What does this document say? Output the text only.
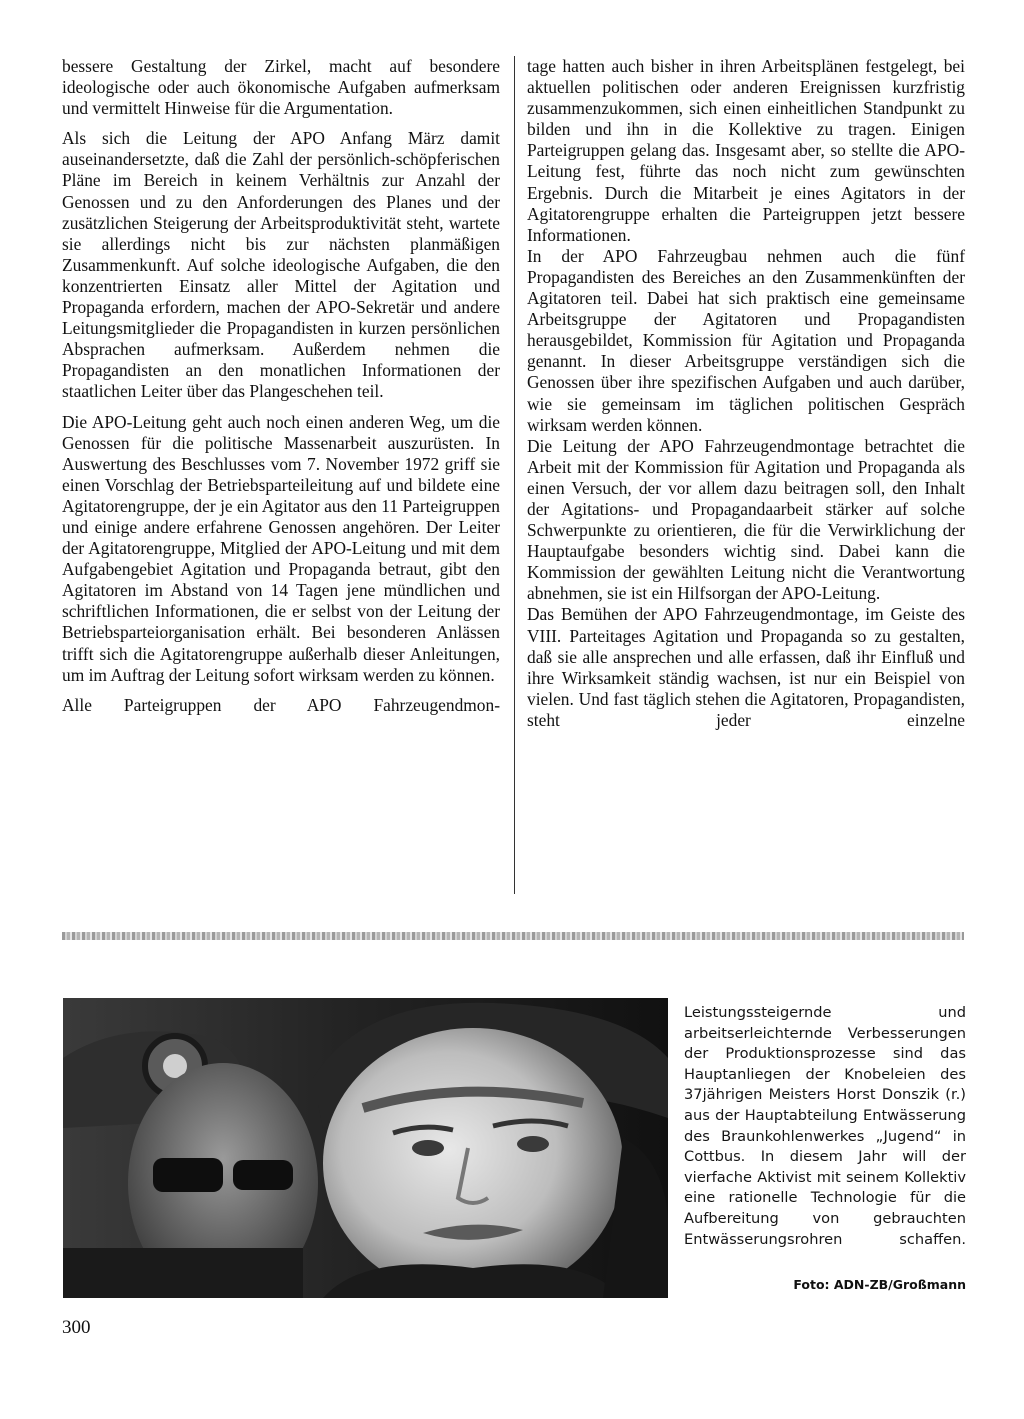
bessere Gestaltung der Zirkel, macht auf besondere ideologische oder auch ökonomische Aufgaben aufmerksam und vermittelt Hinweise für die Argumentation.

Als sich die Leitung der APO Anfang März damit auseinandersetzte, daß die Zahl der persönlich-schöpferischen Pläne im Bereich in keinem Verhältnis zur Anzahl der Genossen und zu den Anforderungen des Planes und der zusätzlichen Steigerung der Arbeitsproduktivität steht, wartete sie allerdings nicht bis zur nächsten planmäßigen Zusammenkunft. Auf solche ideologische Aufgaben, die den konzentrierten Einsatz aller Mittel der Agitation und Propaganda erfordern, machen der APO-Sekretär und andere Leitungsmitglieder die Propagandisten in kurzen persönlichen Absprachen aufmerksam. Außerdem nehmen die Propagandisten an den monatlichen Informationen der staatlichen Leiter über das Plangeschehen teil.

Die APO-Leitung geht auch noch einen anderen Weg, um die Genossen für die politische Massenarbeit auszurüsten. In Auswertung des Beschlusses vom 7. November 1972 griff sie einen Vorschlag der Betriebsparteileitung auf und bildete eine Agitatorengruppe, der je ein Agitator aus den 11 Parteigruppen und einige andere erfahrene Genossen angehören. Der Leiter der Agitatorengruppe, Mitglied der APO-Leitung und mit dem Aufgabengebiet Agitation und Propaganda betraut, gibt den Agitatoren im Abstand von 14 Tagen jene mündlichen und schriftlichen Informationen, die er selbst von der Leitung der Betriebsparteiorganisation erhält. Bei besonderen Anlässen trifft sich die Agitatorengruppe außerhalb dieser Anleitungen, um im Auftrag der Leitung sofort wirksam werden zu können.

Alle Parteigruppen der APO Fahrzeugendmon-

tage hatten auch bisher in ihren Arbeitsplänen festgelegt, bei aktuellen politischen oder anderen Ereignissen kurzfristig zusammenzukommen, sich einen einheitlichen Standpunkt zu bilden und ihn in die Kollektive zu tragen. Einigen Parteigruppen gelang das. Insgesamt aber, so stellte die APO-Leitung fest, führte das noch nicht zum gewünschten Ergebnis. Durch die Mitarbeit je eines Agitators in der Agitatorengruppe erhalten die Parteigruppen jetzt bessere Informationen.

In der APO Fahrzeugbau nehmen auch die fünf Propagandisten des Bereiches an den Zusammenkünften der Agitatoren teil. Dabei hat sich praktisch eine gemeinsame Arbeitsgruppe der Agitatoren und Propagandisten herausgebildet, Kommission für Agitation und Propaganda genannt. In dieser Arbeitsgruppe verständigen sich die Genossen über ihre spezifischen Aufgaben und auch darüber, wie sie gemeinsam im täglichen politischen Gespräch wirksam werden können.

Die Leitung der APO Fahrzeugendmontage betrachtet die Arbeit mit der Kommission für Agitation und Propaganda als einen Versuch, der vor allem dazu beitragen soll, den Inhalt der Agitations- und Propagandaarbeit stärker auf solche Schwerpunkte zu orientieren, die für die Verwirklichung der Hauptaufgabe besonders wichtig sind. Dabei kann die Kommission der gewählten Leitung nicht die Verantwortung abnehmen, sie ist ein Hilfsorgan der APO-Leitung.

Das Bemühen der APO Fahrzeugendmontage, im Geiste des VIII. Parteitages Agitation und Propaganda so zu gestalten, daß sie alle ansprechen und alle erfassen, daß ihr Einfluß und ihre Wirksamkeit ständig wachsen, ist nur ein Beispiel von vielen. Und fast täglich stehen die Agitatoren, Propagandisten, steht jeder einzelne

Leistungssteigernde und arbeitserleichternde Verbesserungen der Produktionsprozesse sind das Hauptanliegen der Knobeleien des 37jährigen Meisters Horst Donszik (r.) aus der Hauptabteilung Entwässerung des Braunkohlenwerkes „Jugend“ in Cottbus. In diesem Jahr will der vierfache Aktivist mit seinem Kollektiv eine rationelle Technologie für die Aufbereitung von gebrauchten Entwässerungsrohren schaffen.
Foto: ADN-ZB/Großmann
300
